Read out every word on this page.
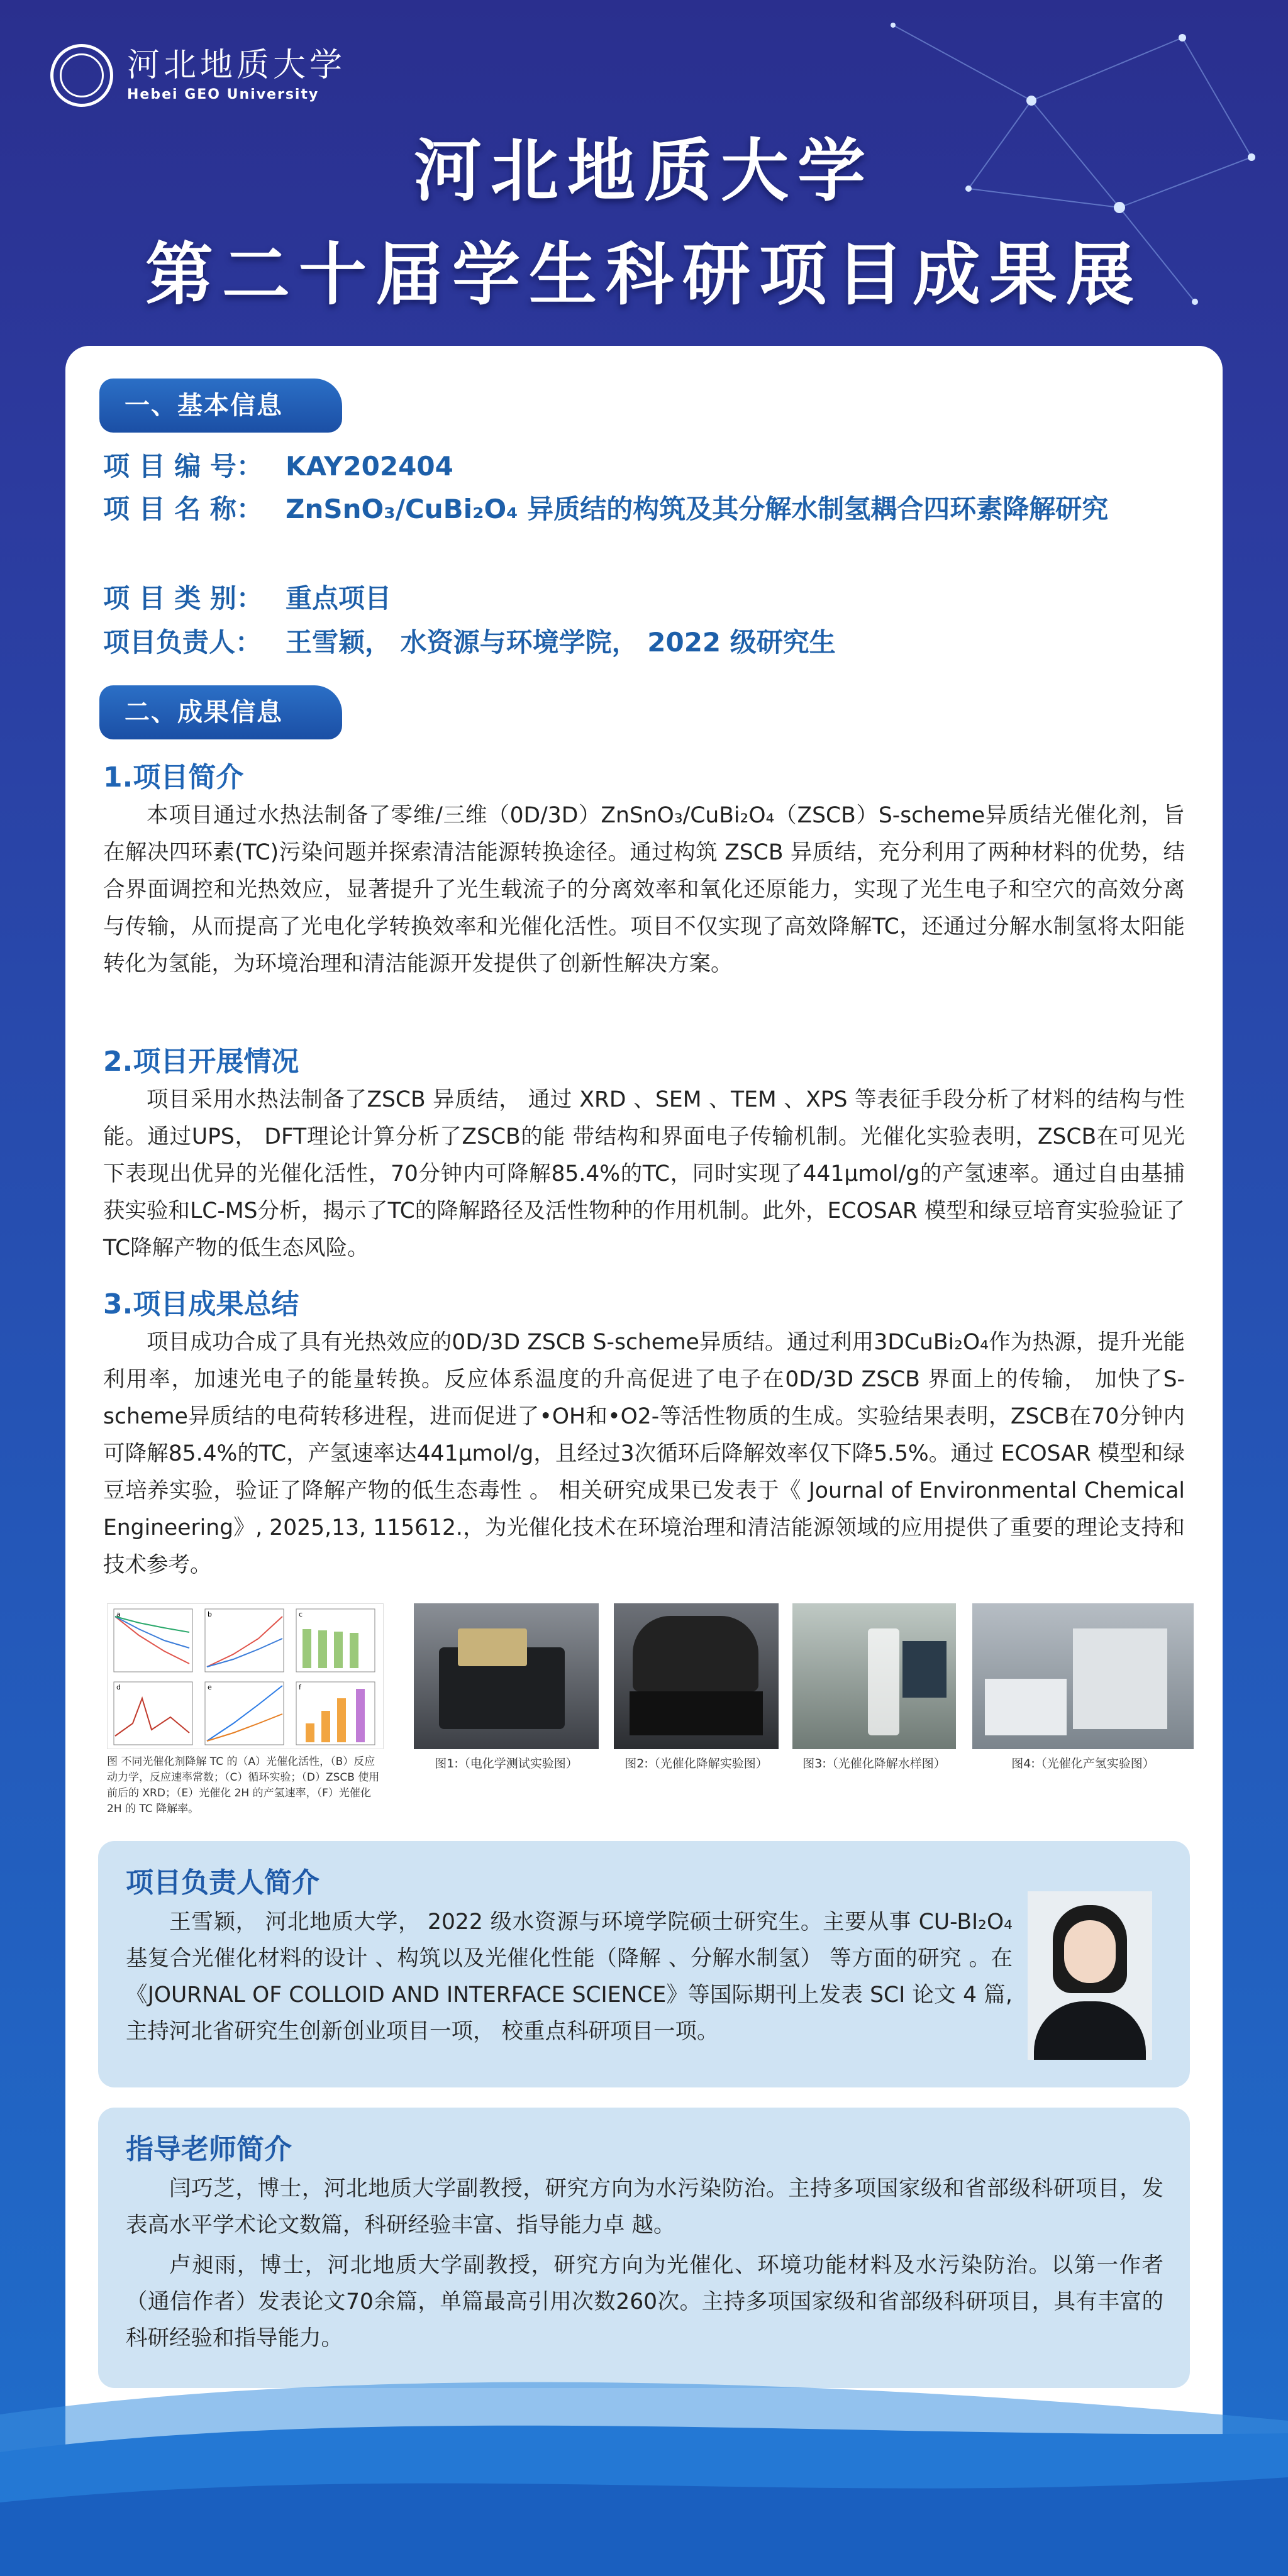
河北地质大学
Hebei GEO University
河北地质大学
第二十届学生科研项目成果展
一、基本信息
项 目 编 号： KAY202404
项 目 名 称： ZnSnO₃/CuBi₂O₄ 异质结的构筑及其分解水制氢耦合四环素降解研究
项 目 类 别： 重点项目
项目负责人： 王雪颖， 水资源与环境学院， 2022 级研究生
二、成果信息
1.项目简介

本项目通过水热法制备了零维/三维（0D/3D）ZnSnO₃/CuBi₂O₄（ZSCB）S-scheme异质结光催化剂，旨在解决四环素(TC)污染问题并探索清洁能源转换途径。通过构筑 ZSCB 异质结，充分利用了两种材料的优势，结合界面调控和光热效应，显著提升了光生载流子的分离效率和氧化还原能力，实现了光生电子和空穴的高效分离与传输，从而提高了光电化学转换效率和光催化活性。项目不仅实现了高效降解TC，还通过分解水制氢将太阳能转化为氢能，为环境治理和清洁能源开发提供了创新性解决方案。

2.项目开展情况

项目采用水热法制备了ZSCB 异质结， 通过 XRD 、SEM 、TEM 、XPS 等表征手段分析了材料的结构与性能。通过UPS， DFT理论计算分析了ZSCB的能 带结构和界面电子传输机制。光催化实验表明，ZSCB在可见光下表现出优异的光催化活性，70分钟内可降解85.4%的TC，同时实现了441μmol/g的产氢速率。通过自由基捕获实验和LC-MS分析，揭示了TC的降解路径及活性物种的作用机制。此外，ECOSAR 模型和绿豆培育实验验证了TC降解产物的低生态风险。

3.项目成果总结

项目成功合成了具有光热效应的0D/3D ZSCB S-scheme异质结。通过利用3DCuBi₂O₄作为热源，提升光能利用率，加速光电子的能量转换。反应体系温度的升高促进了电子在0D/3D ZSCB 界面上的传输， 加快了S-scheme异质结的电荷转移进程，进而促进了•OH和•O2-等活性物质的生成。实验结果表明，ZSCB在70分钟内可降解85.4%的TC，产氢速率达441μmol/g，且经过3次循环后降解效率仅下降5.5%。通过 ECOSAR 模型和绿豆培养实验，验证了降解产物的低生态毒性 。 相关研究成果已发表于《 Journal of Environmental Chemical Engineering》, 2025,13, 115612.，为光催化技术在环境治理和清洁能源领域的应用提供了重要的理论支持和技术参考。

a	b	c
d	e	f
图 不同光催化剂降解 TC 的（A）光催化活性，（B）反应动力学，反应速率常数；（C）循环实验；（D）ZSCB 使用前后的 XRD；（E）光催化 2H 的产氢速率，（F）光催化 2H 的 TC 降解率。
图1:（电化学测试实验图）	图2:（光催化降解实验图）	图3:（光催化降解水样图）	图4:（光催化产氢实验图）
项目负责人简介

王雪颖， 河北地质大学， 2022 级水资源与环境学院硕士研究生。主要从事 CU-BI₂O₄ 基复合光催化材料的设计 、构筑以及光催化性能（降解 、分解水制氢） 等方面的研究 。在《JOURNAL OF COLLOID AND INTERFACE SCIENCE》等国际期刊上发表 SCI 论文 4 篇,主持河北省研究生创新创业项目一项， 校重点科研项目一项。

指导老师简介

闫巧芝，博士，河北地质大学副教授，研究方向为水污染防治。主持多项国家级和省部级科研项目，发表高水平学术论文数篇，科研经验丰富、指导能力卓 越。

卢昶雨，博士，河北地质大学副教授，研究方向为光催化、环境功能材料及水污染防治。以第一作者（通信作者）发表论文70余篇，单篇最高引用次数260次。主持多项国家级和省部级科研项目，具有丰富的科研经验和指导能力。
